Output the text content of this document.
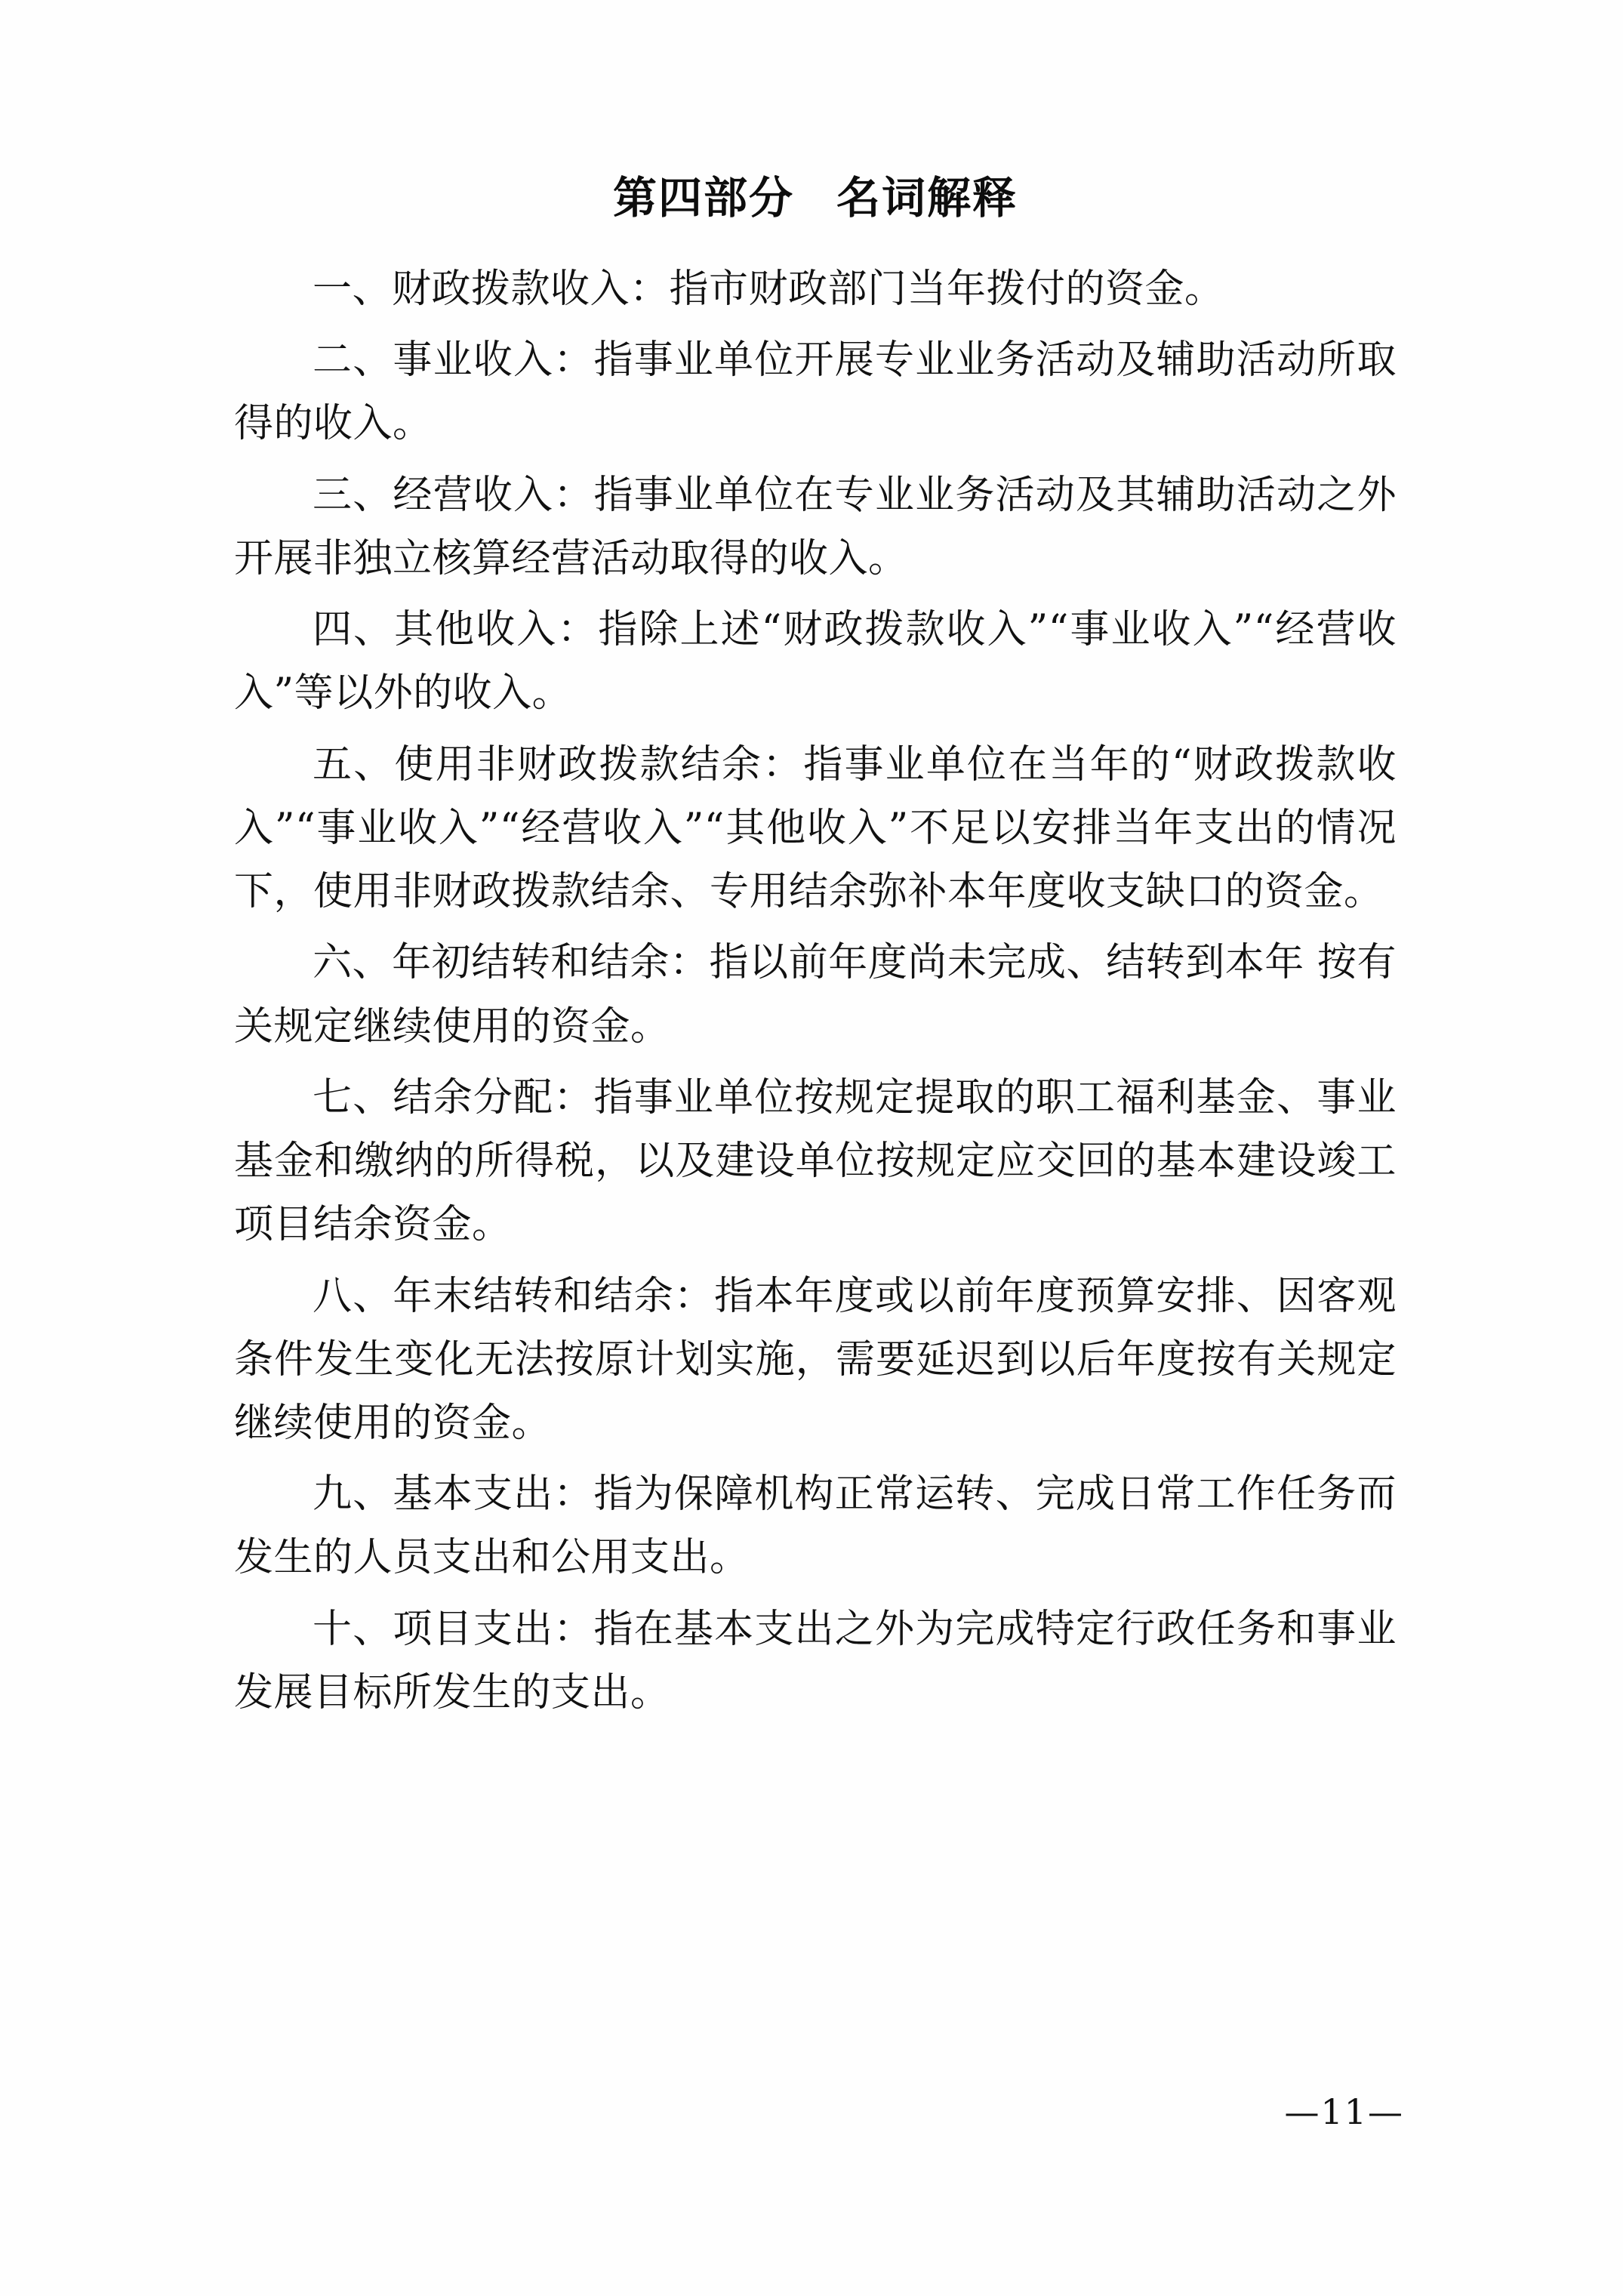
第四部分 名词解释

一、财政拨款收入：指市财政部门当年拨付的资金。

二、事业收入：指事业单位开展专业业务活动及辅助活动所取得的收入。

三、经营收入：指事业单位在专业业务活动及其辅助活动之外开展非独立核算经营活动取得的收入。

四、其他收入：指除上述“财政拨款收入”“事业收入”“经营收入”等以外的收入。

五、使用非财政拨款结余：指事业单位在当年的“财政拨款收入”“事业收入”“经营收入”“其他收入”不足以安排当年支出的情况下，使用非财政拨款结余、专用结余弥补本年度收支缺口的资金。

六、年初结转和结余：指以前年度尚未完成、结转到本年 按有关规定继续使用的资金。

七、结余分配：指事业单位按规定提取的职工福利基金、事业基金和缴纳的所得税，以及建设单位按规定应交回的基本建设竣工项目结余资金。

八、年末结转和结余：指本年度或以前年度预算安排、因客观条件发生变化无法按原计划实施，需要延迟到以后年度按有关规定继续使用的资金。

九、基本支出：指为保障机构正常运转、完成日常工作任务而发生的人员支出和公用支出。

十、项目支出：指在基本支出之外为完成特定行政任务和事业发展目标所发生的支出。

—11—
